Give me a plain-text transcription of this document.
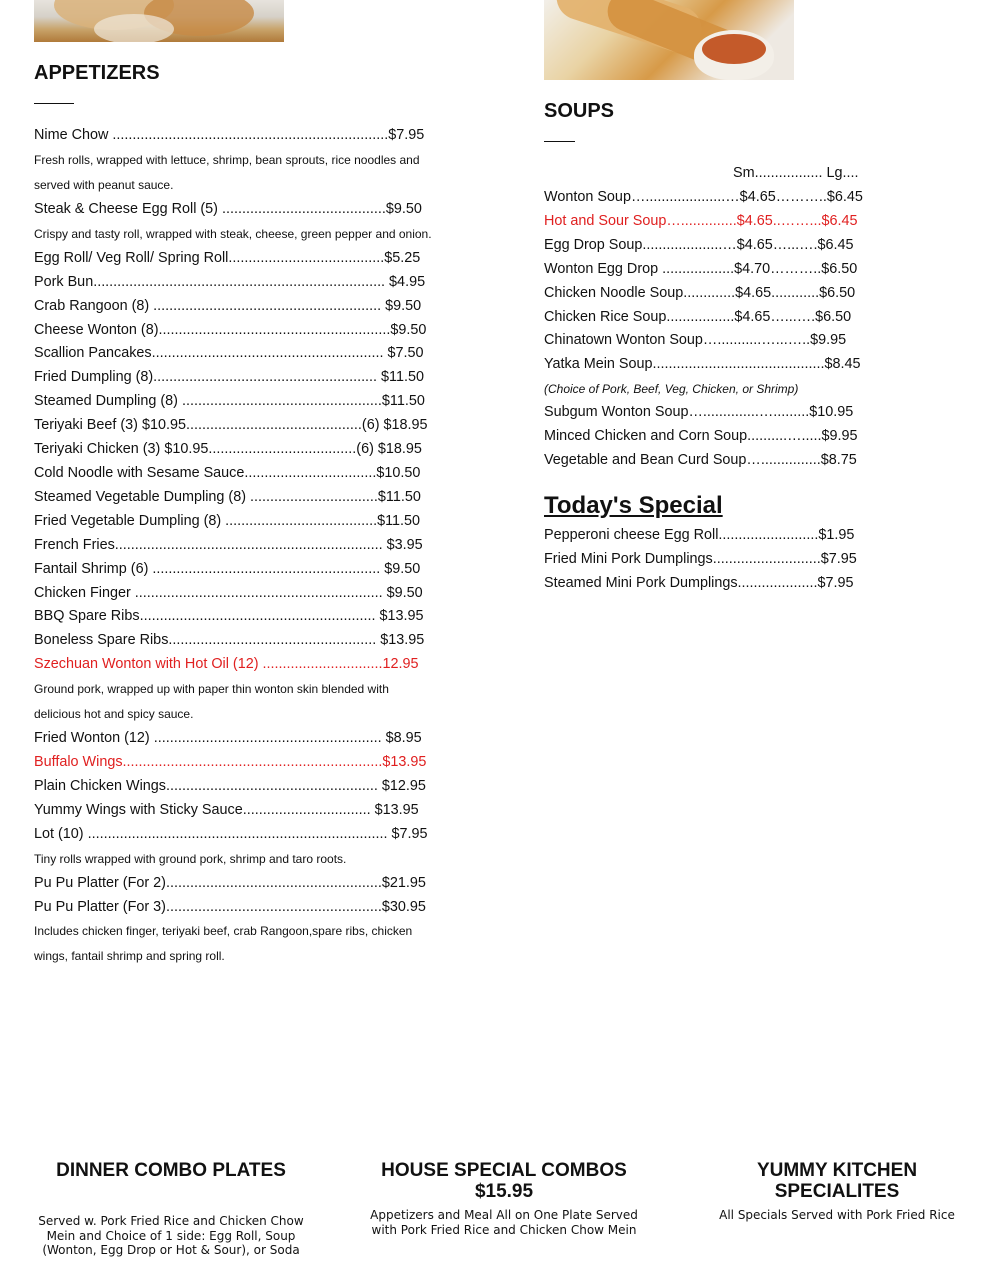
APPETIZERS
Nime Chow .....................................................................$7.95
Fresh rolls, wrapped with lettuce, shrimp, bean sprouts, rice noodles and served with peanut sauce.
Steak & Cheese Egg Roll (5) .........................................$9.50
Crispy and tasty roll, wrapped with steak, cheese, green pepper and onion.
Egg Roll/ Veg Roll/ Spring Roll.......................................$5.25
Pork Bun......................................................................... $4.95
Crab Rangoon (8) ......................................................... $9.50
Cheese Wonton (8)..........................................................$9.50
Scallion Pancakes.......................................................... $7.50
Fried Dumpling (8)........................................................ $11.50
Steamed Dumpling (8) ..................................................$11.50
Teriyaki Beef (3) $10.95............................................(6) $18.95
Teriyaki Chicken (3) $10.95.....................................(6) $18.95
Cold Noodle with Sesame Sauce.................................$10.50
Steamed Vegetable Dumpling (8) ................................$11.50
Fried Vegetable Dumpling (8) ......................................$11.50
French Fries................................................................... $3.95
Fantail Shrimp (6) ......................................................... $9.50
Chicken Finger .............................................................. $9.50
BBQ Spare Ribs........................................................... $13.95
Boneless Spare Ribs.................................................... $13.95
Szechuan Wonton with Hot Oil (12) ..............................12.95
Ground pork, wrapped up with paper thin wonton skin blended with delicious hot and spicy sauce.
Fried Wonton (12) ......................................................... $8.95
Buffalo Wings.................................................................$13.95
Plain Chicken Wings..................................................... $12.95
Yummy Wings with Sticky Sauce................................ $13.95
Lot (10) ........................................................................... $7.95
Tiny rolls wrapped with ground pork, shrimp and taro roots.
Pu Pu Platter (For 2)......................................................$21.95
Pu Pu Platter (For 3)......................................................$30.95
Includes chicken finger, teriyaki beef, crab Rangoon,spare ribs, chicken wings, fantail shrimp and spring roll.
SOUPS
Sm................. Lg....
Wonton Soup…....................…$4.65………..$6.45
Hot and Sour Soup…..............$4.65..……...$6.45
Egg Drop Soup....................…$4.65…...….$6.45
Wonton Egg Drop ..................$4.70………..$6.50
Chicken Noodle Soup.............$4.65............$6.50
Chicken Rice Soup.................$4.65…...….$6.50
Chinatown Wonton Soup…...........…...…..$9.95
Yatka Mein Soup...........................................$8.45
(Choice of Pork, Beef, Veg, Chicken, or Shrimp)
Subgum Wonton Soup…..............….........$10.95
Minced Chicken and Corn Soup..........….....$9.95
Vegetable and Bean Curd Soup…...............$8.75
Today's Special
Pepperoni cheese Egg Roll.........................$1.95
Fried Mini Pork Dumplings...........................$7.95
Steamed Mini Pork Dumplings....................$7.95
DINNER COMBO PLATES

Served w. Pork Fried Rice and Chicken Chow Mein and Choice of 1 side: Egg Roll, Soup (Wonton, Egg Drop or Hot & Sour), or Soda

HOUSE SPECIAL COMBOS
$15.95

Appetizers and Meal All on One Plate Served with Pork Fried Rice and Chicken Chow Mein

YUMMY KITCHEN SPECIALITES

All Specials Served with Pork Fried Rice
